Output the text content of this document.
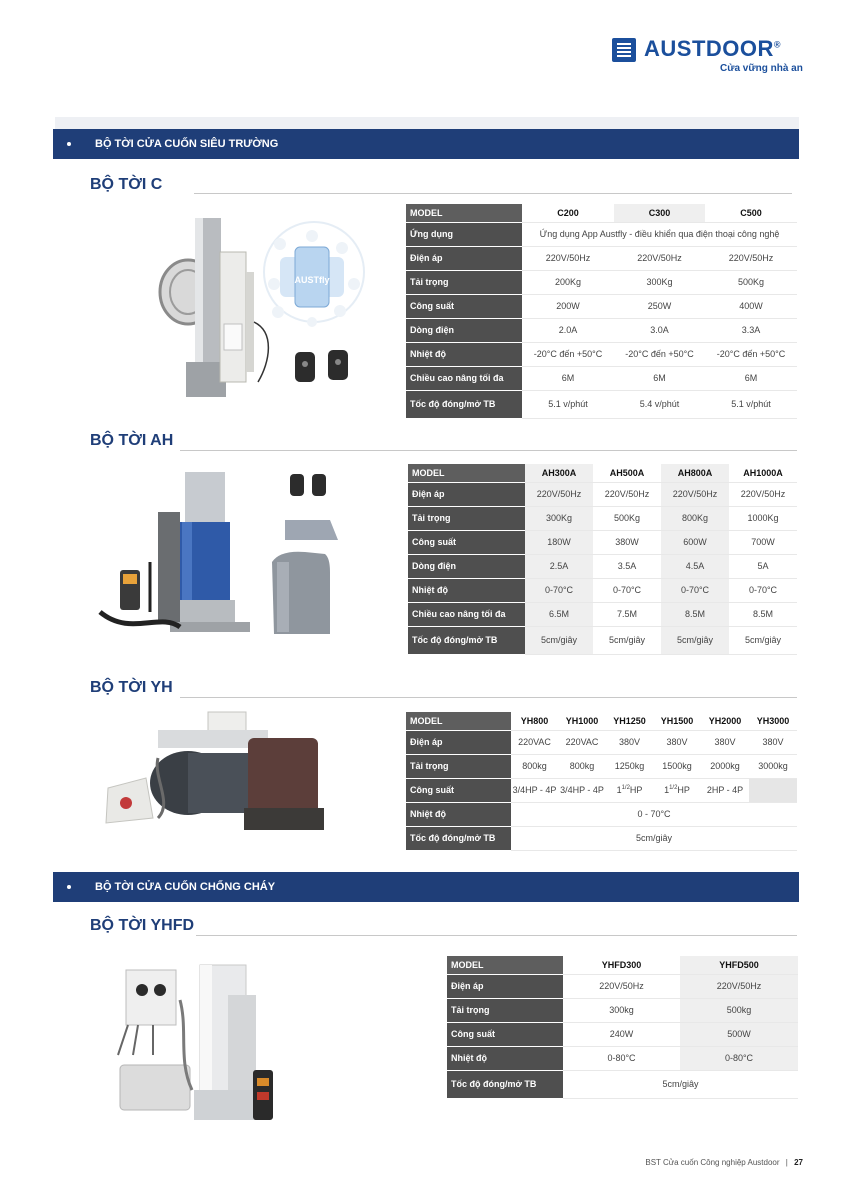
AUSTDOOR®
Cửa vững nhà an
BỘ TỜI CỬA CUỐN SIÊU TRƯỜNG
BỘ TỜI C
AUSTfly
MODEL	C200	C300	C500
Ứng dụng	Ứng dụng App Austfly - điều khiển qua điện thoại công nghệ		
Điện áp	220V/50Hz	220V/50Hz	220V/50Hz
Tải trọng	200Kg	300Kg	500Kg
Công suất	200W	250W	400W
Dòng điện	2.0A	3.0A	3.3A
Nhiệt độ	-20°C đến +50°C	-20°C đến +50°C	-20°C đến +50°C
Chiều cao nâng tối đa	6M	6M	6M
Tốc độ đóng/mở TB	5.1 v/phút	5.4 v/phút	5.1 v/phút
BỘ TỜI AH
MODEL	AH300A	AH500A	AH800A	AH1000A
Điện áp	220V/50Hz	220V/50Hz	220V/50Hz	220V/50Hz
Tải trọng	300Kg	500Kg	800Kg	1000Kg
Công suất	180W	380W	600W	700W
Dòng điện	2.5A	3.5A	4.5A	5A
Nhiệt độ	0-70°C	0-70°C	0-70°C	0-70°C
Chiều cao nâng tối đa	6.5M	7.5M	8.5M	8.5M
Tốc độ đóng/mở TB	5cm/giây	5cm/giây	5cm/giây	5cm/giây
BỘ TỜI YH
MODEL	YH800	YH1000	YH1250	YH1500	YH2000	YH3000
Điện áp	220VAC	220VAC	380V	380V	380V	380V
Tải trọng	800kg	800kg	1250kg	1500kg	2000kg	3000kg
Công suất	3/4HP - 4P	3/4HP - 4P	$1^{1/2}HP$	$1^{1/2}HP$	2HP - 4P	
Nhiệt độ	0 - 70°C					
Tốc độ đóng/mở TB	5cm/giây					
BỘ TỜI CỬA CUỐN CHỐNG CHÁY
BỘ TỜI YHFD
MODEL	YHFD300	YHFD500
Điện áp	220V/50Hz	220V/50Hz
Tải trọng	300kg	500kg
Công suất	240W	500W
Nhiệt độ	0-80°C	0-80°C
Tốc độ đóng/mở TB	5cm/giây	
BST Cửa cuốn Công nghiệp Austdoor | 27
